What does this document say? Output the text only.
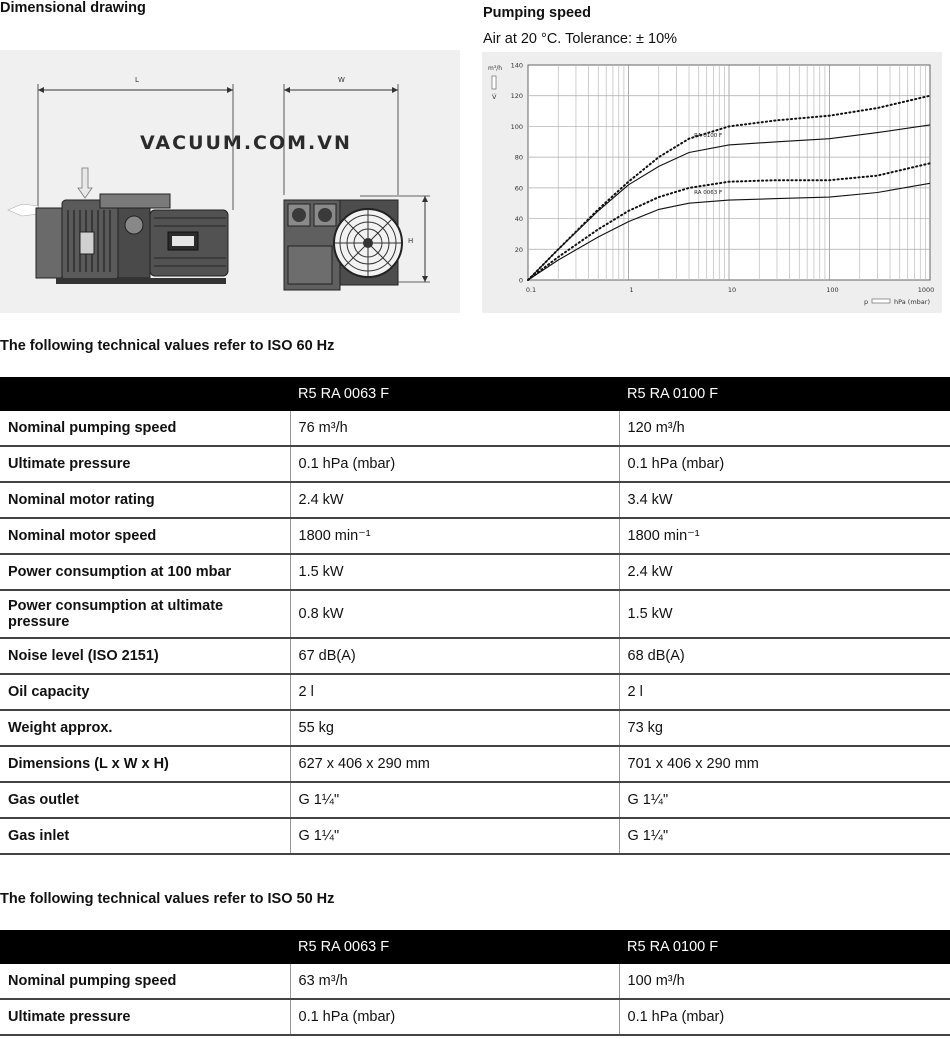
Dimensional drawing
L	W
H
VACUUM.COM.VN
Pumping speed
Air at 20 °C. Tolerance: ± 10%
0
20
40
60
80
100
120
140
0.1	1	10	100	1000
m³/h
V̇
p	hPa (mbar)
RA 0100 F
RA 0063 F
The following technical values refer to ISO 60 Hz
	R5 RA 0063 F	R5 RA 0100 F
Nominal pumping speed	76 m³/h	120 m³/h
Ultimate pressure	0.1 hPa (mbar)	0.1 hPa (mbar)
Nominal motor rating	2.4 kW	3.4 kW
Nominal motor speed	1800 min⁻¹	1800 min⁻¹
Power consumption at 100 mbar	1.5 kW	2.4 kW
Power consumption at ultimate pressure	0.8 kW	1.5 kW
Noise level (ISO 2151)	67 dB(A)	68 dB(A)
Oil capacity	2 l	2 l
Weight approx.	55 kg	73 kg
Dimensions (L x W x H)	627 x 406 x 290 mm	701 x 406 x 290 mm
Gas outlet	G 1¼"	G 1¼"
Gas inlet	G 1¼"	G 1¼"
The following technical values refer to ISO 50 Hz
	R5 RA 0063 F	R5 RA 0100 F
Nominal pumping speed	63 m³/h	100 m³/h
Ultimate pressure	0.1 hPa (mbar)	0.1 hPa (mbar)
